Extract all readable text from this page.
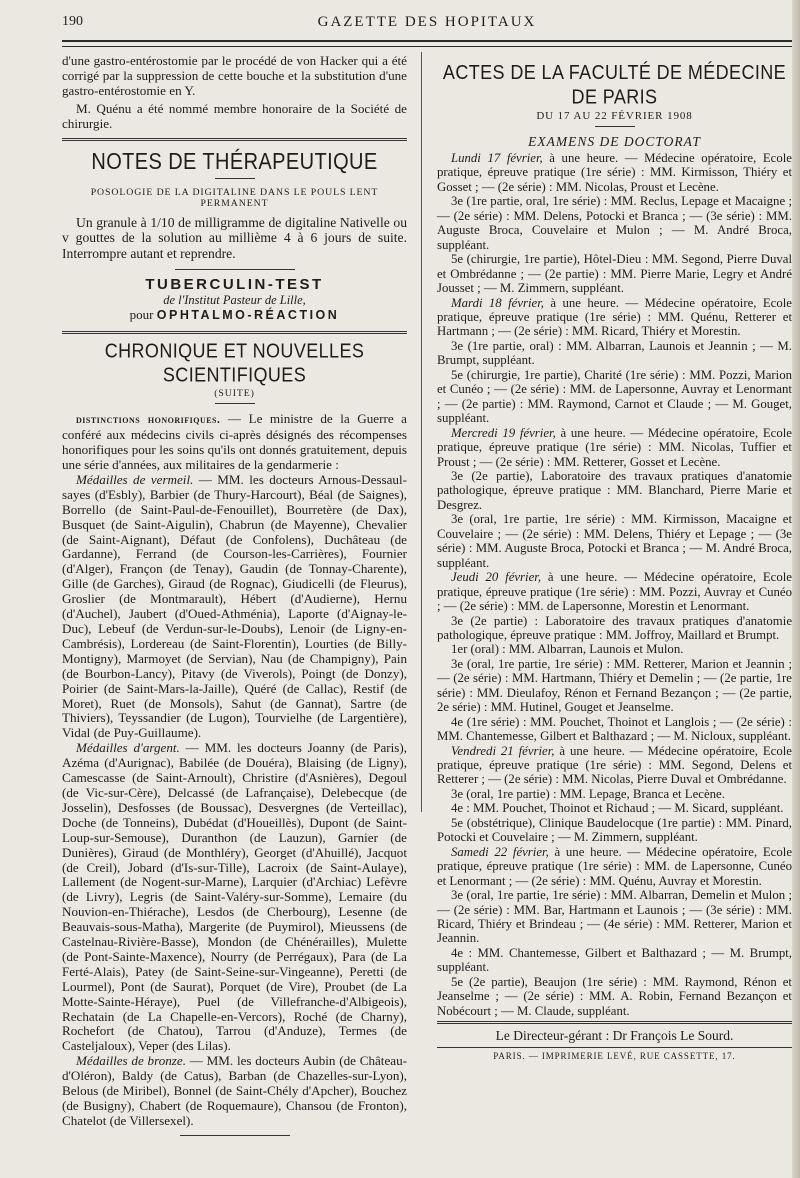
190	GAZETTE DES HOPITAUX

d'une gastro-entérostomie par le procédé de von Hacker qui a été corrigé par la suppression de cette bouche et la substitution d'une gastro-entérostomie en Y.

M. Quénu a été nommé membre honoraire de la Société de chirurgie.

NOTES DE THÉRAPEUTIQUE
POSOLOGIE DE LA DIGITALINE DANS LE POULS LENT PERMANENT

Un granule à 1/10 de milligramme de digitaline Nativelle ou v gouttes de la solution au millième 4 à 6 jours de suite. Interrompre autant et reprendre.

TUBERCULIN-TEST
de l'Institut Pasteur de Lille,
pour OPHTALMO-RÉACTION
CHRONIQUE ET NOUVELLES SCIENTIFIQUES
(SUITE)

distinctions honorifiques. — Le ministre de la Guerre a conféré aux médecins civils ci-après désignés des récompenses honorifiques pour les soins qu'ils ont donnés gratuitement, depuis une série d'années, aux militaires de la gendarmerie :

Médailles de vermeil. — MM. les docteurs Arnous-Dessaulsayes (d'Esbly), Barbier (de Thury-Harcourt), Béal (de Saignes), Borrello (de Saint-Paul-de-Fenouillet), Bourretère (de Dax), Busquet (de Saint-Aigulin), Chabrun (de Mayenne), Chevalier (de Saint-Aignant), Défaut (de Confolens), Duchâteau (de Gardanne), Ferrand (de Courson-les-Carrières), Fournier (d'Alger), Françon (de Tenay), Gaudin (de Tonnay-Charente), Gille (de Garches), Giraud (de Rognac), Giudicelli (de Fleurus), Groslier (de Montmarault), Hébert (d'Audierne), Hernu (d'Auchel), Jaubert (d'Oued-Athménia), Laporte (d'Aignay-le-Duc), Lebeuf (de Verdun-sur-le-Doubs), Lenoir (de Ligny-en-Cambrésis), Lordereau (de Saint-Florentin), Lourties (de Billy-Montigny), Marmoyet (de Servian), Nau (de Champigny), Pain (de Bourbon-Lancy), Pitavy (de Viverols), Poingt (de Donzy), Poirier (de Saint-Mars-la-Jaille), Quéré (de Callac), Restif (de Moret), Ruet (de Monsols), Sahut (de Gannat), Sartre (de Thiviers), Teyssandier (de Lugon), Tourvielhe (de Largentière), Vidal (de Puy-Guillaume).

Médailles d'argent. — MM. les docteurs Joanny (de Paris), Azéma (d'Aurignac), Babilée (de Douéra), Blaising (de Ligny), Camescasse (de Saint-Arnoult), Christire (d'Asnières), Degoul (de Vic-sur-Cère), Delcassé (de Lafrançaise), Delebecque (de Josselin), Desfosses (de Boussac), Desvergnes (de Verteillac), Doche (de Tonneins), Dubédat (d'Houeillès), Dupont (de Saint-Loup-sur-Semouse), Duranthon (de Lauzun), Garnier (de Dunières), Giraud (de Monthléry), Georget (d'Ahuillé), Jacquot (de Creil), Jobard (d'Is-sur-Tille), Lacroix (de Saint-Aulaye), Lallement (de Nogent-sur-Marne), Larquier (d'Archiac) Lefèvre (de Livry), Legris (de Saint-Valéry-sur-Somme), Lemaire (du Nouvion-en-Thiérache), Lesdos (de Cherbourg), Lesenne (de Beauvais-sous-Matha), Margerite (de Puymirol), Mieussens (de Castelnau-Rivière-Basse), Mondon (de Chénérailles), Mulette (de Pont-Sainte-Maxence), Nourry (de Perrégaux), Para (de La Ferté-Alais), Patey (de Saint-Seine-sur-Vingeanne), Peretti (de Lourmel), Pont (de Saurat), Porquet (de Vire), Proubet (de La Motte-Sainte-Héraye), Puel (de Villefranche-d'Albigeois), Rechatain (de La Chapelle-en-Vercors), Roché (de Charny), Rochefort (de Chatou), Tarrou (d'Anduze), Termes (de Casteljaloux), Veper (des Lilas).

Médailles de bronze. — MM. les docteurs Aubin (de Château-d'Oléron), Baldy (de Catus), Barban (de Chazelles-sur-Lyon), Belous (de Miribel), Bonnel (de Saint-Chély d'Apcher), Bouchez (de Busigny), Chabert (de Roquemaure), Chansou (de Fronton), Chatelot (de Villersexel).

ACTES DE LA FACULTÉ DE MÉDECINE DE PARIS
DU 17 AU 22 FÉVRIER 1908
EXAMENS DE DOCTORAT

Lundi 17 février, à une heure. — Médecine opératoire, Ecole pratique, épreuve pratique (1re série) : MM. Kirmisson, Thiéry et Gosset ; — (2e série) : MM. Nicolas, Proust et Lecène.

3e (1re partie, oral, 1re série) : MM. Reclus, Lepage et Macaigne ; — (2e série) : MM. Delens, Potocki et Branca ; — (3e série) : MM. Auguste Broca, Couvelaire et Mulon ; — M. André Broca, suppléant.

5e (chirurgie, 1re partie), Hôtel-Dieu : MM. Segond, Pierre Duval et Ombrédanne ; — (2e partie) : MM. Pierre Marie, Legry et André Jousset ; — M. Zimmern, suppléant.

Mardi 18 février, à une heure. — Médecine opératoire, Ecole pratique, épreuve pratique (1re série) : MM. Quénu, Retterer et Hartmann ; — (2e série) : MM. Ricard, Thiéry et Morestin.

3e (1re partie, oral) : MM. Albarran, Launois et Jeannin ; — M. Brumpt, suppléant.

5e (chirurgie, 1re partie), Charité (1re série) : MM. Pozzi, Marion et Cunéo ; — (2e série) : MM. de Lapersonne, Auvray et Lenormant ; — (2e partie) : MM. Raymond, Carnot et Claude ; — M. Gouget, suppléant.

Mercredi 19 février, à une heure. — Médecine opératoire, Ecole pratique, épreuve pratique (1re série) : MM. Nicolas, Tuffier et Proust ; — (2e série) : MM. Retterer, Gosset et Lecène.

3e (2e partie), Laboratoire des travaux pratiques d'anatomie pathologique, épreuve pratique : MM. Blanchard, Pierre Marie et Desgrez.

3e (oral, 1re partie, 1re série) : MM. Kirmisson, Macaigne et Couvelaire ; — (2e série) : MM. Delens, Thiéry et Lepage ; — (3e série) : MM. Auguste Broca, Potocki et Branca ; — M. André Broca, suppléant.

Jeudi 20 février, à une heure. — Médecine opératoire, Ecole pratique, épreuve pratique (1re série) : MM. Pozzi, Auvray et Cunéo ; — (2e série) : MM. de Lapersonne, Morestin et Lenormant.

3e (2e partie) : Laboratoire des travaux pratiques d'anatomie pathologique, épreuve pratique : MM. Joffroy, Maillard et Brumpt.

1er (oral) : MM. Albarran, Launois et Mulon.

3e (oral, 1re partie, 1re série) : MM. Retterer, Marion et Jeannin ; — (2e série) : MM. Hartmann, Thiéry et Demelin ; — (2e partie, 1re série) : MM. Dieulafoy, Rénon et Fernand Bezançon ; — (2e partie, 2e série) : MM. Hutinel, Gouget et Jeanselme.

4e (1re série) : MM. Pouchet, Thoinot et Langlois ; — (2e série) : MM. Chantemesse, Gilbert et Balthazard ; — M. Nicloux, suppléant.

Vendredi 21 février, à une heure. — Médecine opératoire, Ecole pratique, épreuve pratique (1re série) : MM. Segond, Delens et Retterer ; — (2e série) : MM. Nicolas, Pierre Duval et Ombrédanne.

3e (oral, 1re partie) : MM. Lepage, Branca et Lecène.

4e : MM. Pouchet, Thoinot et Richaud ; — M. Sicard, suppléant.

5e (obstétrique), Clinique Baudelocque (1re partie) : MM. Pinard, Potocki et Couvelaire ; — M. Zimmern, suppléant.

Samedi 22 février, à une heure. — Médecine opératoire, Ecole pratique, épreuve pratique (1re série) : MM. de Lapersonne, Cunéo et Lenormant ; — (2e série) : MM. Quénu, Auvray et Morestin.

3e (oral, 1re partie, 1re série) : MM. Albarran, Demelin et Mulon ; — (2e série) : MM. Bar, Hartmann et Launois ; — (3e série) : MM. Ricard, Thiéry et Brindeau ; — (4e série) : MM. Retterer, Marion et Jeannin.

4e : MM. Chantemesse, Gilbert et Balthazard ; — M. Brumpt, suppléant.

5e (2e partie), Beaujon (1re série) : MM. Raymond, Rénon et Jeanselme ; — (2e série) : MM. A. Robin, Fernand Bezançon et Nobécourt ; — M. Claude, suppléant.

Le Directeur-gérant : Dr François Le Sourd.
PARIS. — IMPRIMERIE LEVÉ, RUE CASSETTE, 17.
